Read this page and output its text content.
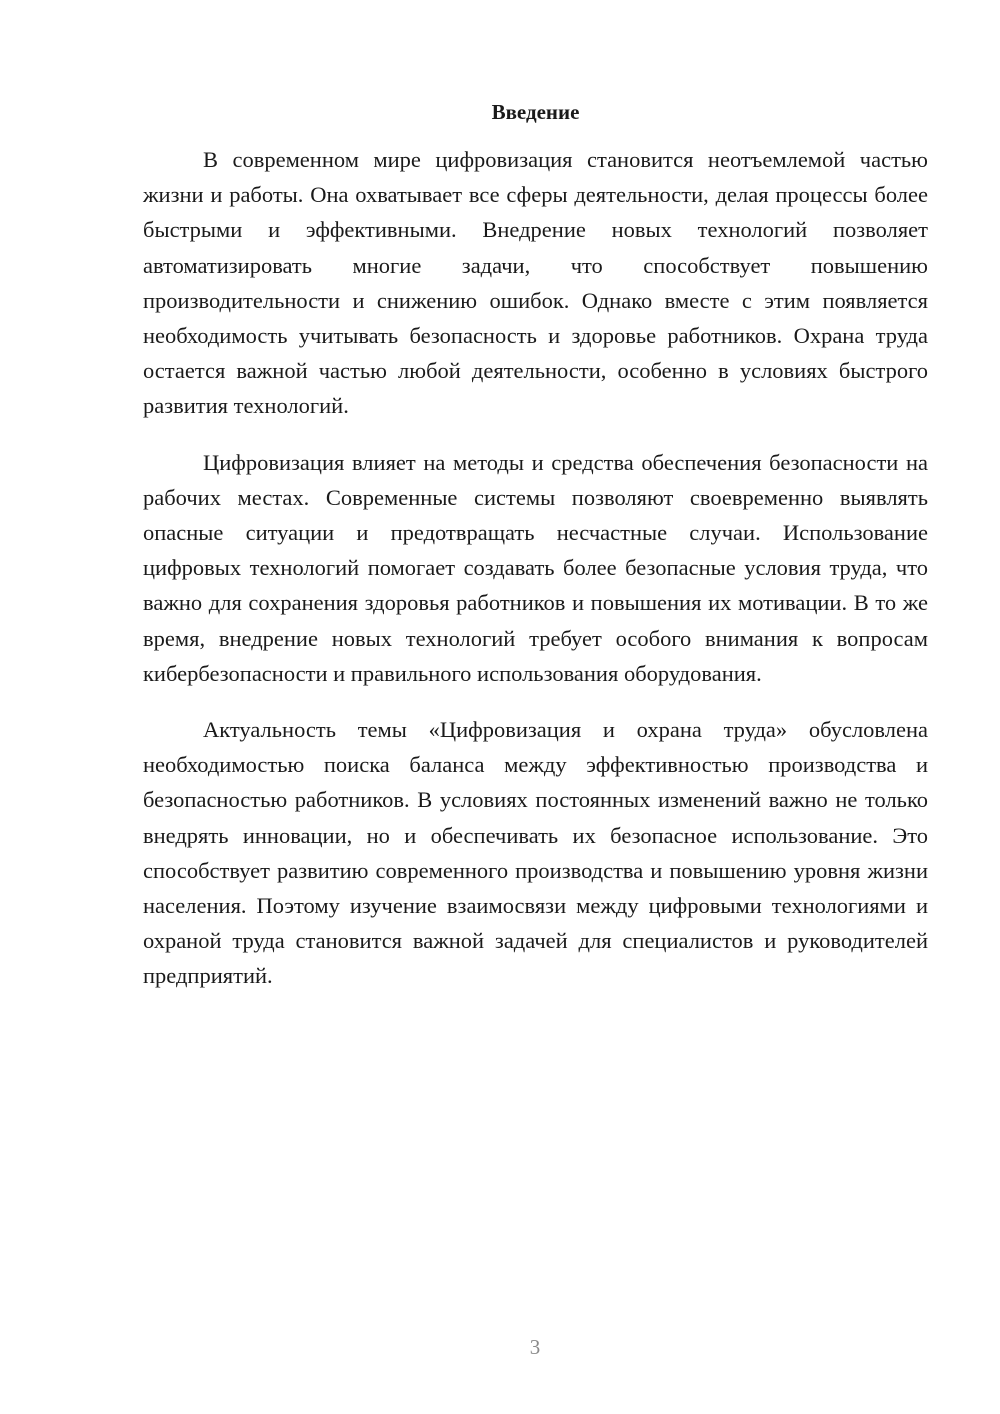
Введение

В современном мире цифровизация становится неотъемлемой частью жизни и работы. Она охватывает все сферы деятельности, делая процессы более быстрыми и эффективными. Внедрение новых технологий позволяет автоматизировать многие задачи, что способствует повышению производительности и снижению ошибок. Однако вместе с этим появляется необходимость учитывать безопасность и здоровье работников. Охрана труда остается важной частью любой деятельности, особенно в условиях быстрого развития технологий.

Цифровизация влияет на методы и средства обеспечения безопасности на рабочих местах. Современные системы позволяют своевременно выявлять опасные ситуации и предотвращать несчастные случаи. Использование цифровых технологий помогает создавать более безопасные условия труда, что важно для сохранения здоровья работников и повышения их мотивации. В то же время, внедрение новых технологий требует особого внимания к вопросам кибербезопасности и правильного использования оборудования.

Актуальность темы «Цифровизация и охрана труда» обусловлена необходимостью поиска баланса между эффективностью производства и безопасностью работников. В условиях постоянных изменений важно не только внедрять инновации, но и обеспечивать их безопасное использование. Это способствует развитию современного производства и повышению уровня жизни населения. Поэтому изучение взаимосвязи между цифровыми технологиями и охраной труда становится важной задачей для специалистов и руководителей предприятий.

3
